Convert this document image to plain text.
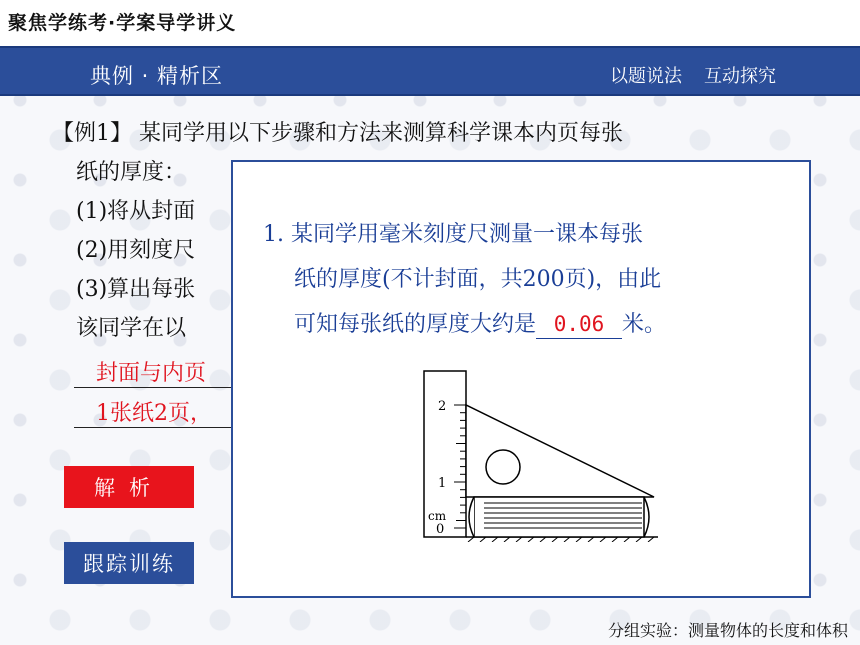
聚焦学练考·学案导学讲义
典例 · 精析区	以题说法 互动探究
【例1】 某同学用以下步骤和方法来测算科学课本内页每张
纸的厚度：
(1)将从封面
(2)用刻度尺
(3)算出每张
该同学在以
封面与内页
1张纸2页，
解析
跟踪训练
1. 某同学用毫米刻度尺测量一课本每张
纸的厚度(不计封面，共200页)，由此
可知每张纸的厚度大约是 0.06 米。
2
1
cm
0
分组实验：测量物体的长度和体积
